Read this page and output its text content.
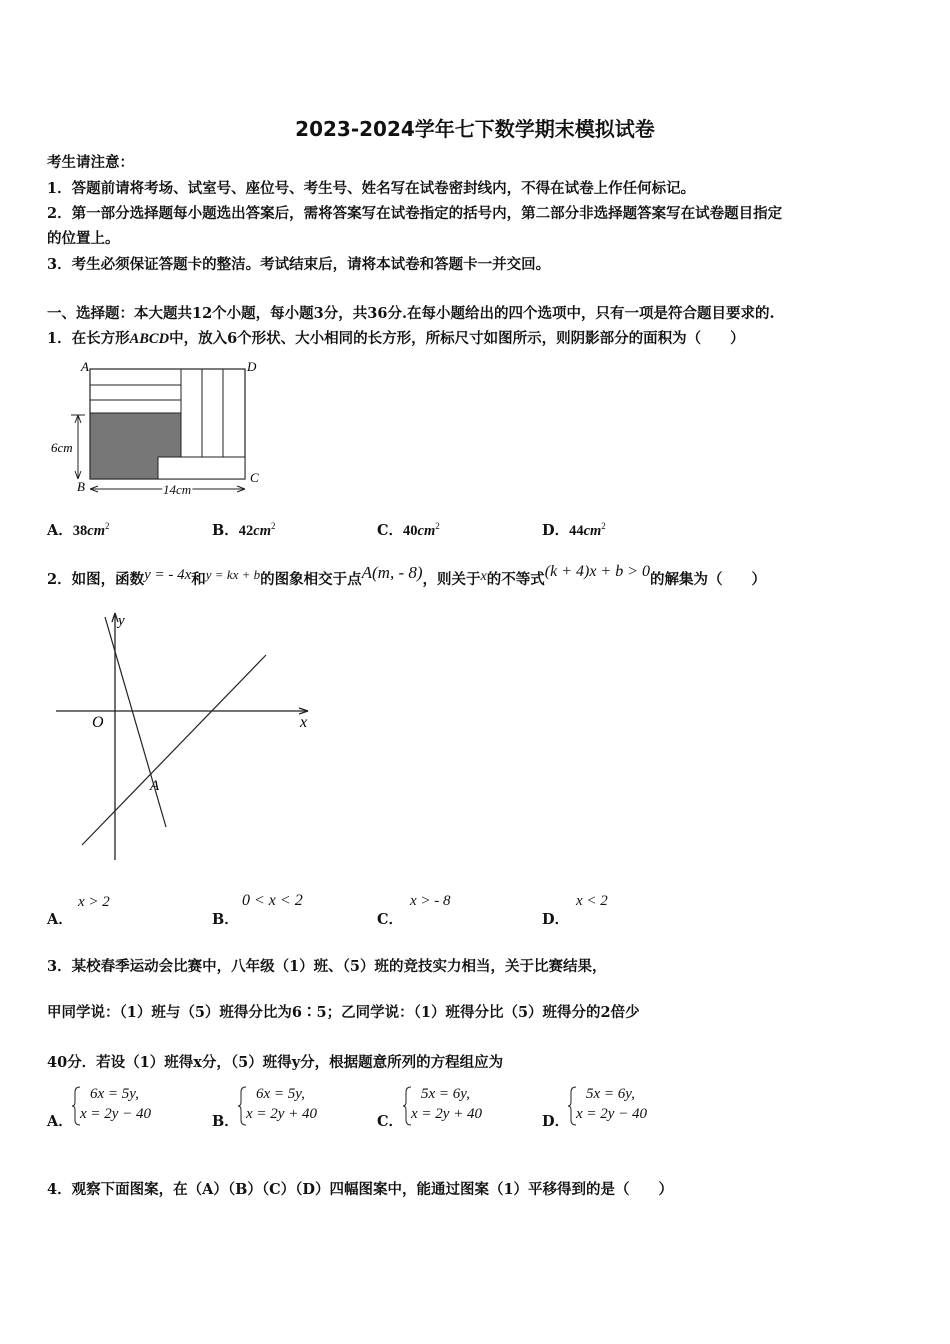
2023-2024学年七下数学期末模拟试卷
考生请注意：
1．答题前请将考场、试室号、座位号、考生号、姓名写在试卷密封线内，不得在试卷上作任何标记。
2．第一部分选择题每小题选出答案后，需将答案写在试卷指定的括号内，第二部分非选择题答案写在试卷题目指定
的位置上。
3．考生必须保证答题卡的整洁。考试结束后，请将本试卷和答题卡一并交回。
一、选择题：本大题共12个小题，每小题3分，共36分.在每小题给出的四个选项中，只有一项是符合题目要求的.
1．在长方形ABCD中，放入6个形状、大小相同的长方形，所标尺寸如图所示，则阴影部分的面积为（　　）
A	D
B
C
6cm
14cm
A．$38cm^2$	B．$42cm^2$	C．$40cm^2$	D．$44cm^2$
2．如图，函数y = - 4x和y = kx + b的图象相交于点A(m, - 8)，则关于x的不等式(k + 4)x + b > 0的解集为（　　）
y
x
O
A
A．
x > 2
B．
0 < x < 2
C．
x > - 8
D．
x < 2
3．某校春季运动会比赛中，八年级（1）班、（5）班的竞技实力相当，关于比赛结果，
甲同学说：（1）班与（5）班得分比为6∶5；乙同学说：（1）班得分比（5）班得分的2倍少
40分．若设（1）班得x分，（5）班得y分，根据题意所列的方程组应为
A．
6x = 5y,
x = 2y − 40	B．
6x = 5y,
x = 2y + 40	C．
5x = 6y,
x = 2y + 40	D．
5x = 6y,
x = 2y − 40
4．观察下面图案，在（A）（B）（C）（D）四幅图案中，能通过图案（1）平移得到的是（　　）
